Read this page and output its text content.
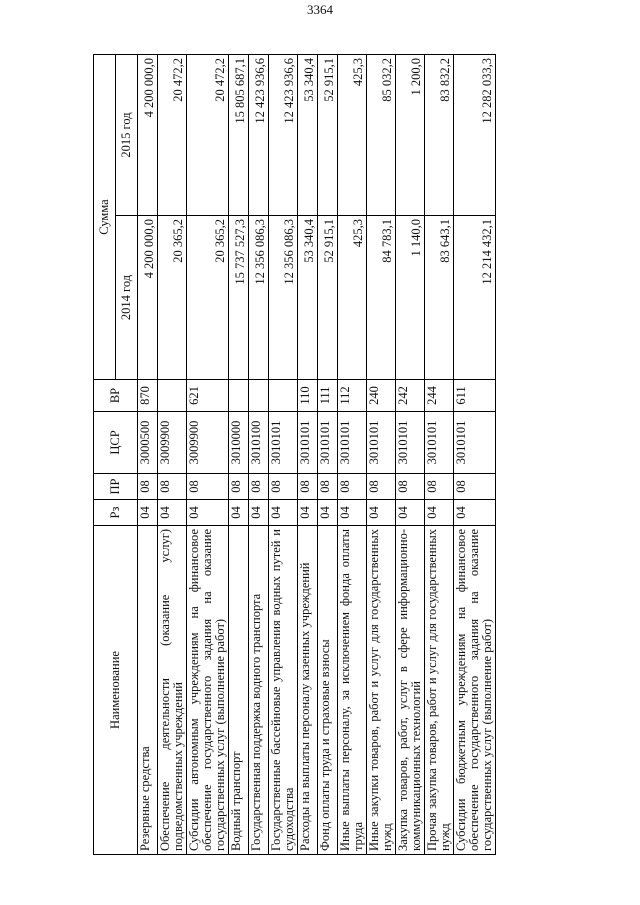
3364
Наименование	Рз	ПР	ЦСР	ВР	Сумма	
					2014 год	2015 год
Резервные средства	04	08	3000500	870	4 200 000,0	4 200 000,0
Обеспечение деятельности (оказание услуг) подведомственных учреждений	04	08	3009900		20 365,2	20 472,2
Субсидии автономным учреждениям на финансовое обеспечение государственного задания на оказание государственных услуг (выполнение работ)	04	08	3009900	621	20 365,2	20 472,2
Водный транспорт	04	08	3010000		15 737 527,3	15 805 687,1
Государственная поддержка водного транспорта	04	08	3010100		12 356 086,3	12 423 936,6
Государственные бассейновые управления водных путей и судоходства	04	08	3010101		12 356 086,3	12 423 936,6
Расходы на выплаты персоналу казенных учреждений	04	08	3010101	110	53 340,4	53 340,4
Фонд оплаты труда и страховые взносы	04	08	3010101	111	52 915,1	52 915,1
Иные выплаты персоналу, за исключением фонда оплаты труда	04	08	3010101	112	425,3	425,3
Иные закупки товаров, работ и услуг для государственных нужд	04	08	3010101	240	84 783,1	85 032,2
Закупка товаров, работ, услуг в сфере информационно-коммуникационных технологий	04	08	3010101	242	1 140,0	1 200,0
Прочая закупка товаров, работ и услуг для государственных нужд	04	08	3010101	244	83 643,1	83 832,2
Субсидии бюджетным учреждениям на финансовое обеспечение государственного задания на оказание государственных услуг (выполнение работ)	04	08	3010101	611	12 214 432,1	12 282 033,3
